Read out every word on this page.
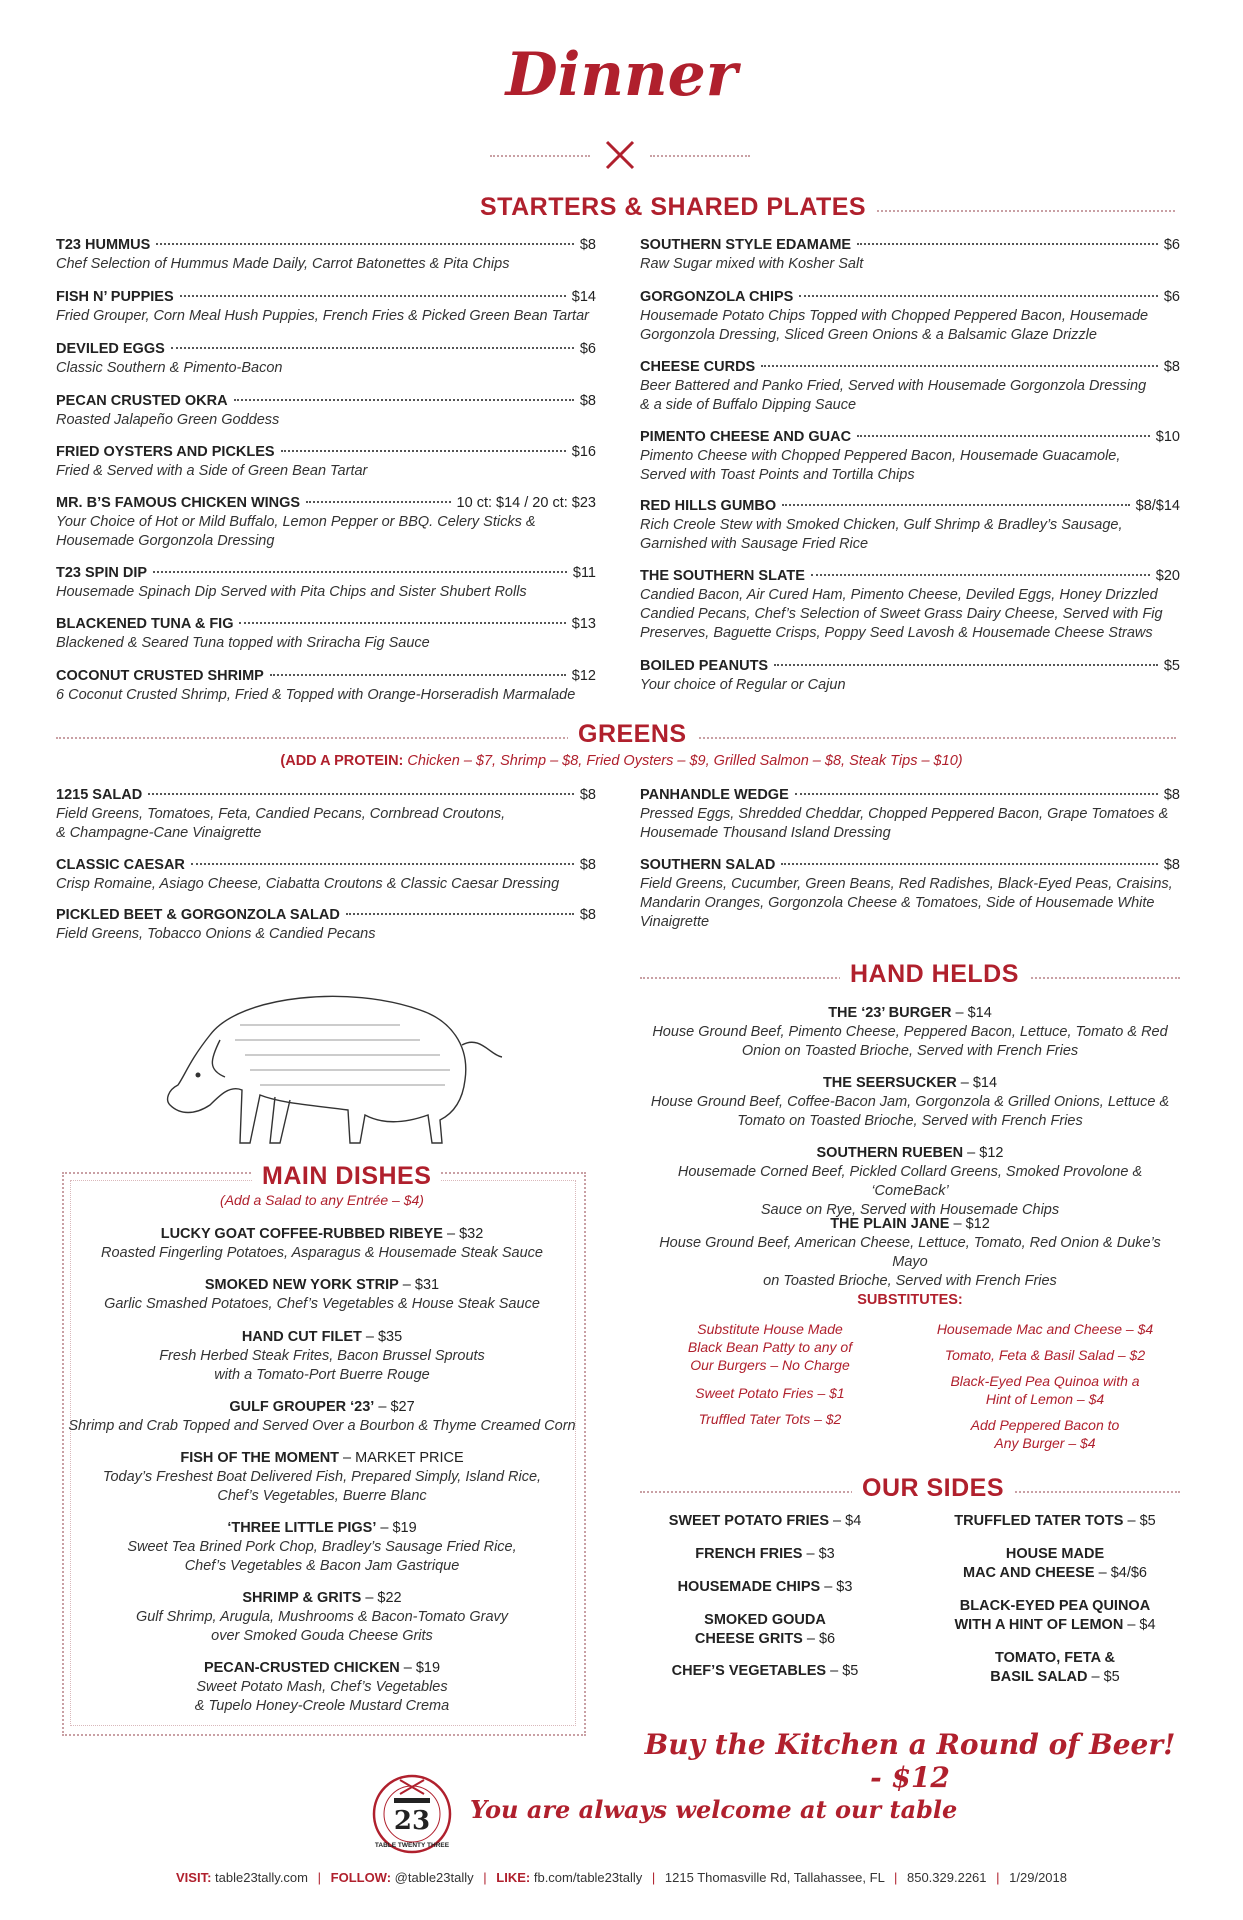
Dinner
STARTERS & SHARED PLATES
T23 HUMMUS	$8
Chef Selection of Hummus Made Daily, Carrot Batonettes & Pita Chips
FISH N’ PUPPIES	$14
Fried Grouper, Corn Meal Hush Puppies, French Fries & Picked Green Bean Tartar
DEVILED EGGS	$6
Classic Southern & Pimento-Bacon
PECAN CRUSTED OKRA	$8
Roasted Jalapeño Green Goddess
FRIED OYSTERS AND PICKLES	$16
Fried & Served with a Side of Green Bean Tartar
MR. B’S FAMOUS CHICKEN WINGS	10 ct: $14 / 20 ct: $23
Your Choice of Hot or Mild Buffalo, Lemon Pepper or BBQ. Celery Sticks &
Housemade Gorgonzola Dressing
T23 SPIN DIP	$11
Housemade Spinach Dip Served with Pita Chips and Sister Shubert Rolls
BLACKENED TUNA & FIG	$13
Blackened & Seared Tuna topped with Sriracha Fig Sauce
COCONUT CRUSTED SHRIMP	$12
6 Coconut Crusted Shrimp, Fried & Topped with Orange-Horseradish Marmalade
SOUTHERN STYLE EDAMAME	$6
Raw Sugar mixed with Kosher Salt
GORGONZOLA CHIPS	$6
Housemade Potato Chips Topped with Chopped Peppered Bacon, Housemade
Gorgonzola Dressing, Sliced Green Onions & a Balsamic Glaze Drizzle
CHEESE CURDS	$8
Beer Battered and Panko Fried, Served with Housemade Gorgonzola Dressing
& a side of Buffalo Dipping Sauce
PIMENTO CHEESE AND GUAC	$10
Pimento Cheese with Chopped Peppered Bacon, Housemade Guacamole,
Served with Toast Points and Tortilla Chips
RED HILLS GUMBO	$8/$14
Rich Creole Stew with Smoked Chicken, Gulf Shrimp & Bradley’s Sausage,
Garnished with Sausage Fried Rice
THE SOUTHERN SLATE	$20
Candied Bacon, Air Cured Ham, Pimento Cheese, Deviled Eggs, Honey Drizzled
Candied Pecans, Chef’s Selection of Sweet Grass Dairy Cheese, Served with Fig
Preserves, Baguette Crisps, Poppy Seed Lavosh & Housemade Cheese Straws
BOILED PEANUTS	$5
Your choice of Regular or Cajun
GREENS
(ADD A PROTEIN: Chicken – $7, Shrimp – $8, Fried Oysters – $9, Grilled Salmon – $8, Steak Tips – $10)
1215 SALAD	$8
Field Greens, Tomatoes, Feta, Candied Pecans, Cornbread Croutons,
& Champagne-Cane Vinaigrette
CLASSIC CAESAR	$8
Crisp Romaine, Asiago Cheese, Ciabatta Croutons & Classic Caesar Dressing
PICKLED BEET & GORGONZOLA SALAD	$8
Field Greens, Tobacco Onions & Candied Pecans
PANHANDLE WEDGE	$8
Pressed Eggs, Shredded Cheddar, Chopped Peppered Bacon, Grape Tomatoes &
Housemade Thousand Island Dressing
SOUTHERN SALAD	$8
Field Greens, Cucumber, Green Beans, Red Radishes, Black-Eyed Peas, Craisins,
Mandarin Oranges, Gorgonzola Cheese & Tomatoes, Side of Housemade White
Vinaigrette
MAIN DISHES
(Add a Salad to any Entrée – $4)
LUCKY GOAT COFFEE-RUBBED RIBEYE – $32
Roasted Fingerling Potatoes, Asparagus & Housemade Steak Sauce
SMOKED NEW YORK STRIP – $31
Garlic Smashed Potatoes, Chef’s Vegetables & House Steak Sauce
HAND CUT FILET – $35
Fresh Herbed Steak Frites, Bacon Brussel Sprouts
with a Tomato-Port Buerre Rouge
GULF GROUPER ‘23’ – $27
Shrimp and Crab Topped and Served Over a Bourbon & Thyme Creamed Corn
FISH OF THE MOMENT – MARKET PRICE
Today’s Freshest Boat Delivered Fish, Prepared Simply, Island Rice,
Chef’s Vegetables, Buerre Blanc
‘THREE LITTLE PIGS’ – $19
Sweet Tea Brined Pork Chop, Bradley’s Sausage Fried Rice,
Chef’s Vegetables & Bacon Jam Gastrique
SHRIMP & GRITS – $22
Gulf Shrimp, Arugula, Mushrooms & Bacon-Tomato Gravy
over Smoked Gouda Cheese Grits
PECAN-CRUSTED CHICKEN – $19
Sweet Potato Mash, Chef’s Vegetables
& Tupelo Honey-Creole Mustard Crema
HAND HELDS
THE ‘23’ BURGER – $14
House Ground Beef, Pimento Cheese, Peppered Bacon, Lettuce, Tomato & Red
Onion on Toasted Brioche, Served with French Fries
THE SEERSUCKER – $14
House Ground Beef, Coffee-Bacon Jam, Gorgonzola & Grilled Onions, Lettuce &
Tomato on Toasted Brioche, Served with French Fries
SOUTHERN RUEBEN – $12
Housemade Corned Beef, Pickled Collard Greens, Smoked Provolone & ‘ComeBack’
Sauce on Rye, Served with Housemade Chips
THE PLAIN JANE – $12
House Ground Beef, American Cheese, Lettuce, Tomato, Red Onion & Duke’s Mayo
on Toasted Brioche, Served with French Fries
SUBSTITUTES:
Substitute House Made
Black Bean Patty to any of
Our Burgers – No Charge
Sweet Potato Fries – $1
Truffled Tater Tots – $2
Housemade Mac and Cheese – $4
Tomato, Feta & Basil Salad – $2
Black-Eyed Pea Quinoa with a
Hint of Lemon – $4
Add Peppered Bacon to
Any Burger – $4
OUR SIDES
SWEET POTATO FRIES – $4
FRENCH FRIES – $3
HOUSEMADE CHIPS – $3
SMOKED GOUDA
CHEESE GRITS – $6
CHEF’S VEGETABLES – $5
TRUFFLED TATER TOTS – $5
HOUSE MADE
MAC AND CHEESE – $4/$6
BLACK-EYED PEA QUINOA
WITH A HINT OF LEMON – $4
TOMATO, FETA &
BASIL SALAD – $5
Buy the Kitchen a Round of Beer! - $12
23
TABLE TWENTY THREE
You are always welcome at our table
VISIT: table23tally.com | FOLLOW: @table23tally | LIKE: fb.com/table23tally | 1215 Thomasville Rd, Tallahassee, FL | 850.329.2261 | 1/29/2018
